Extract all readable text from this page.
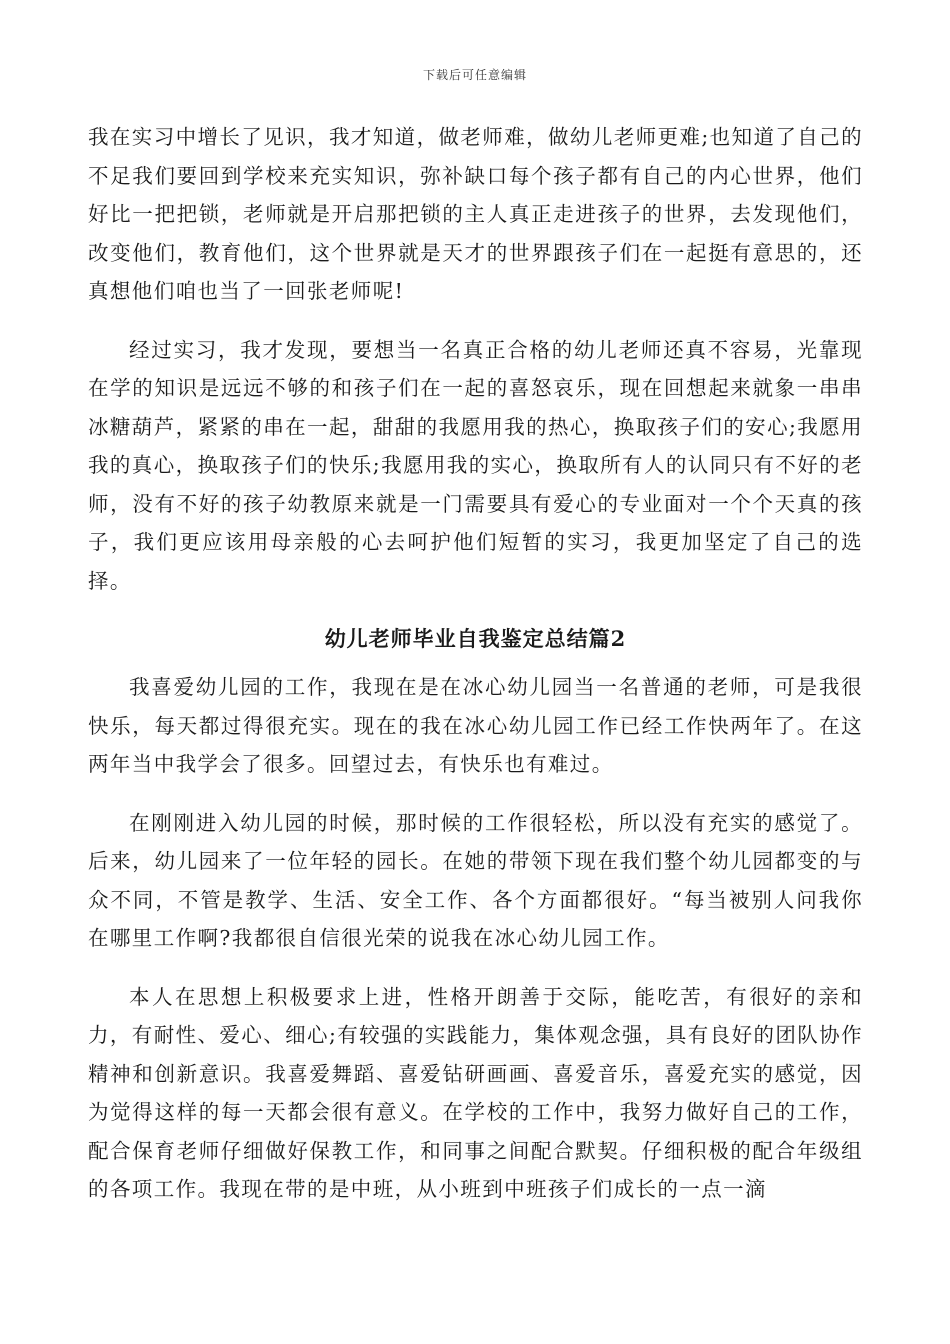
下载后可任意编辑

我在实习中增长了见识，我才知道，做老师难，做幼儿老师更难;也知道了自己的不足我们要回到学校来充实知识，弥补缺口每个孩子都有自己的内心世界，他们好比一把把锁，老师就是开启那把锁的主人真正走进孩子的世界，去发现他们，改变他们，教育他们，这个世界就是天才的世界跟孩子们在一起挺有意思的，还真想他们咱也当了一回张老师呢!

经过实习，我才发现，要想当一名真正合格的幼儿老师还真不容易，光靠现在学的知识是远远不够的和孩子们在一起的喜怒哀乐，现在回想起来就象一串串冰糖葫芦，紧紧的串在一起，甜甜的我愿用我的热心，换取孩子们的安心;我愿用我的真心，换取孩子们的快乐;我愿用我的实心，换取所有人的认同只有不好的老师，没有不好的孩子幼教原来就是一门需要具有爱心的专业面对一个个天真的孩子，我们更应该用母亲般的心去呵护他们短暂的实习，我更加坚定了自己的选择。

幼儿老师毕业自我鉴定总结篇2

我喜爱幼儿园的工作，我现在是在冰心幼儿园当一名普通的老师，可是我很快乐，每天都过得很充实。现在的我在冰心幼儿园工作已经工作快两年了。在这两年当中我学会了很多。回望过去，有快乐也有难过。

在刚刚进入幼儿园的时候，那时候的工作很轻松，所以没有充实的感觉了。后来，幼儿园来了一位年轻的园长。在她的带领下现在我们整个幼儿园都变的与众不同，不管是教学、生活、安全工作、各个方面都很好。“每当被别人问我你在哪里工作啊?我都很自信很光荣的说我在冰心幼儿园工作。

本人在思想上积极要求上进，性格开朗善于交际，能吃苦，有很好的亲和力，有耐性、爱心、细心;有较强的实践能力，集体观念强，具有良好的团队协作精神和创新意识。我喜爱舞蹈、喜爱钻研画画、喜爱音乐，喜爱充实的感觉，因为觉得这样的每一天都会很有意义。在学校的工作中，我努力做好自己的工作，配合保育老师仔细做好保教工作，和同事之间配合默契。仔细积极的配合年级组的各项工作。我现在带的是中班，从小班到中班孩子们成长的一点一滴
